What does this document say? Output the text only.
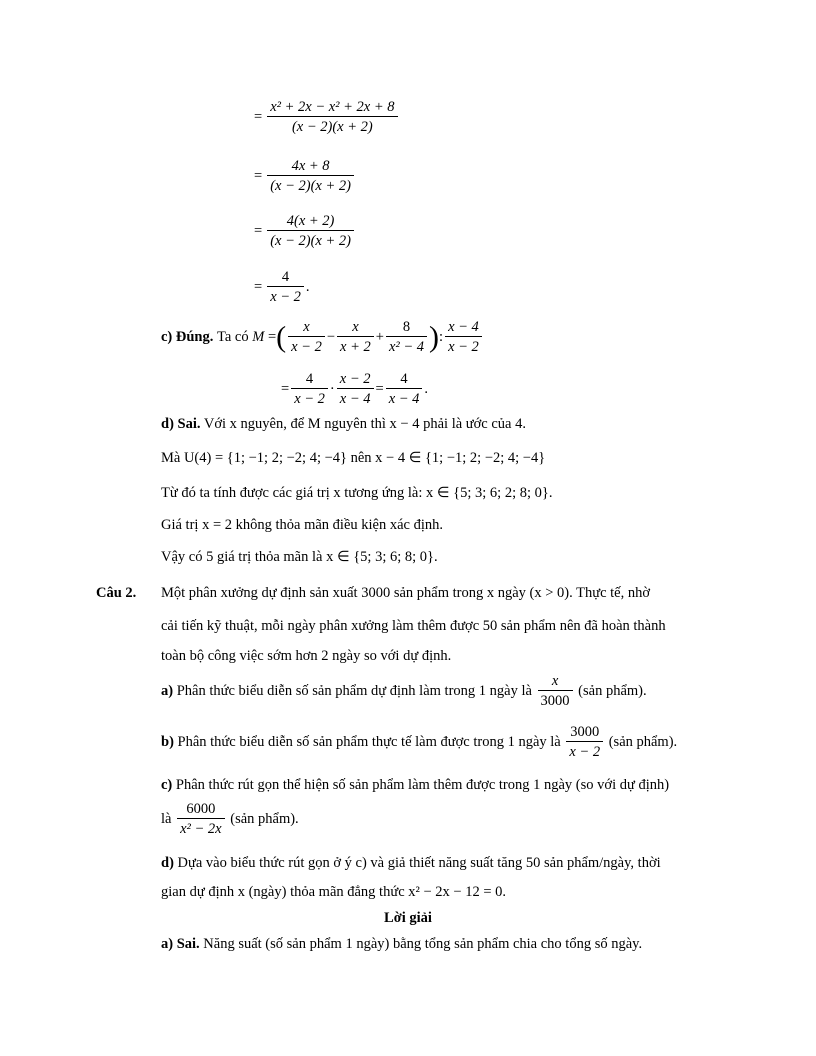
= $\frac{\text{x² + 2x − x² + 2x + 8}}{(x - 2)(x + 2)}$
= $\frac{4x + 8}{(x - 2)(x + 2)}$
= $\frac{4(x + 2)}{(x - 2)(x + 2)}$
= $\frac{4}{x - 2}$ .
c) Đúng. Ta có M =( $\frac{x}{x - 2} - \frac{x}{x + 2} + \frac{8}{\text{x² − 4}}$ ): $\frac{x - 4}{x - 2}$
= $\frac{4}{x - 2} \cdot \frac{x - 2}{x - 4} = \frac{4}{x - 4}$ .
d) Sai. Với x nguyên, để M nguyên thì x − 4 phải là ước của 4.
Mà U(4) = {1; −1; 2; −2; 4; −4} nên x − 4 ∈ {1; −1; 2; −2; 4; −4}
Từ đó ta tính được các giá trị x tương ứng là: x ∈ {5; 3; 6; 2; 8; 0}.
Giá trị x = 2 không thỏa mãn điều kiện xác định.
Vậy có 5 giá trị thỏa mãn là x ∈ {5; 3; 6; 8; 0}.
Câu 2. Một phân xưởng dự định sản xuất 3000 sản phẩm trong x ngày (x > 0). Thực tế, nhờ
cải tiến kỹ thuật, mỗi ngày phân xưởng làm thêm được 50 sản phẩm nên đã hoàn thành
toàn bộ công việc sớm hơn 2 ngày so với dự định.
a) Phân thức biểu diễn số sản phẩm dự định làm trong 1 ngày là $\frac{x}{3000}$ (sản phẩm).
b) Phân thức biểu diễn số sản phẩm thực tế làm được trong 1 ngày là $\frac{3000}{x - 2}$ (sản phẩm).
c) Phân thức rút gọn thể hiện số sản phẩm làm thêm được trong 1 ngày (so với dự định)
là $\frac{6000}{\text{x² − 2x}}$ (sản phẩm).
d) Dựa vào biểu thức rút gọn ở ý c) và giả thiết năng suất tăng 50 sản phẩm/ngày, thời
gian dự định x (ngày) thỏa mãn đẳng thức x² − 2x − 12 = 0.
Lời giải
a) Sai. Năng suất (số sản phẩm 1 ngày) bằng tổng sản phẩm chia cho tổng số ngày.
